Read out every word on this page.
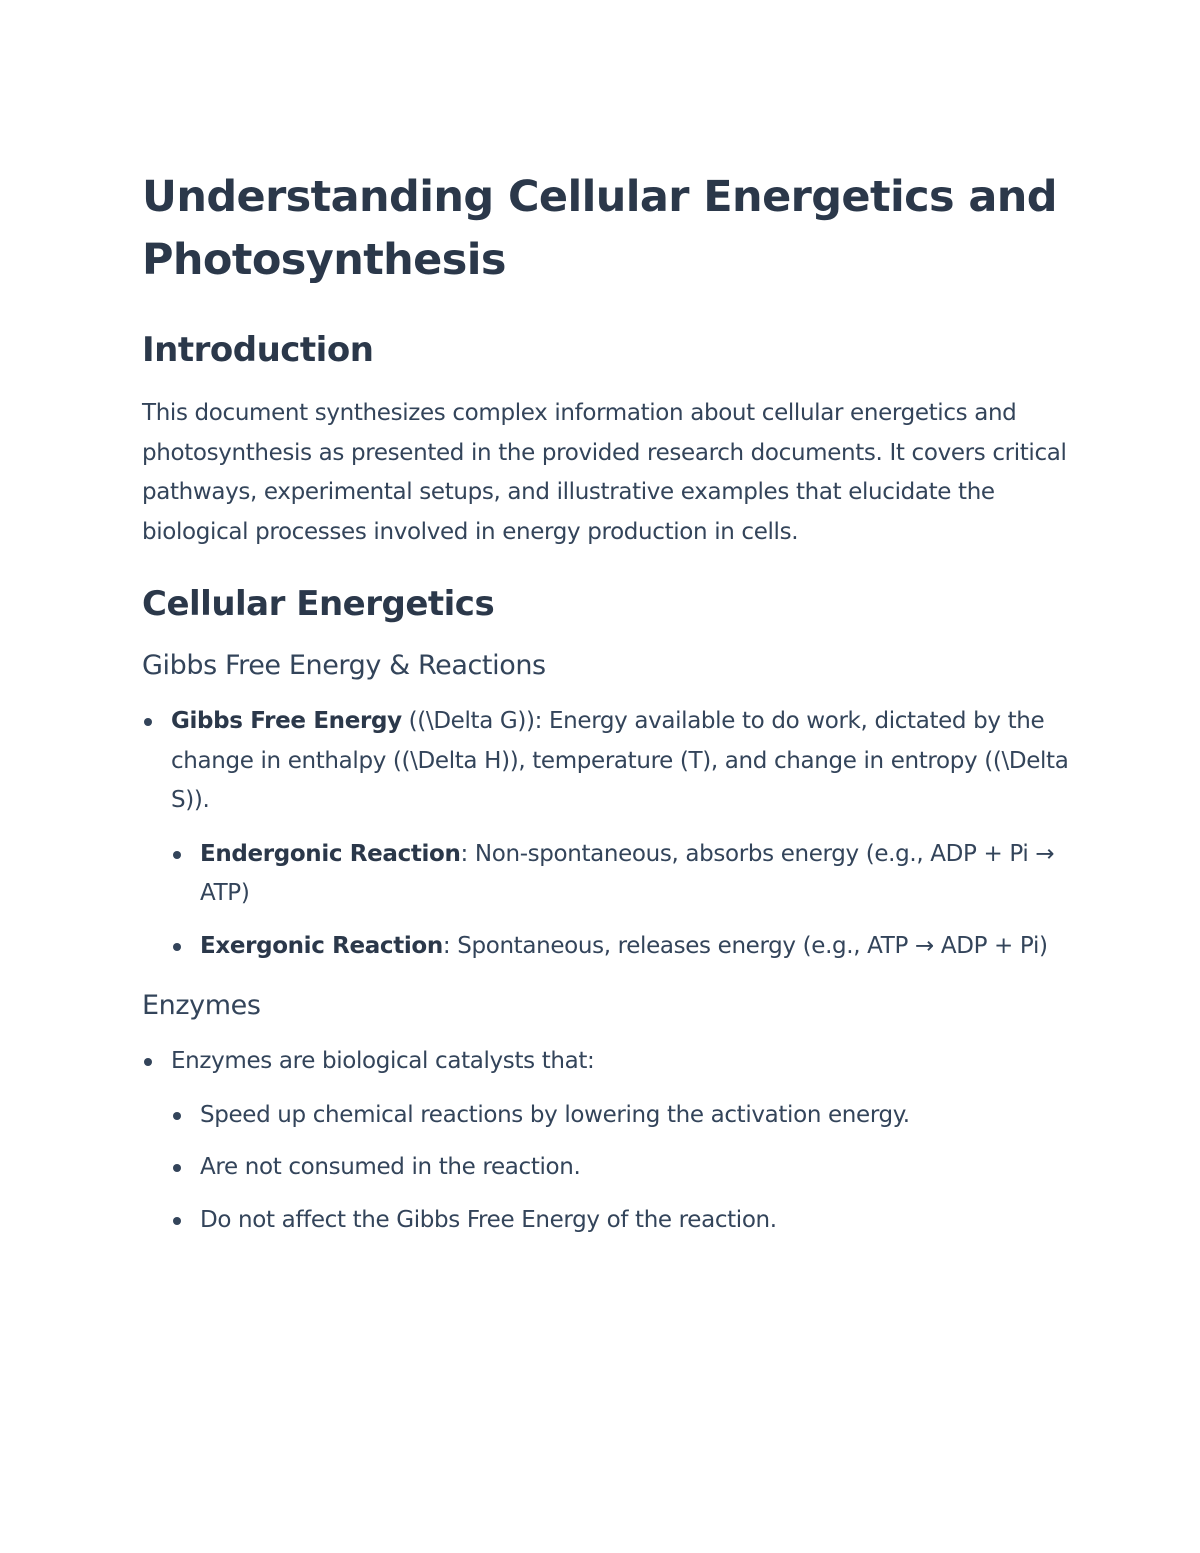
Understanding Cellular Energetics and Photosynthesis
Introduction

This document synthesizes complex information about cellular energetics and photosynthesis as presented in the provided research documents. It covers critical pathways, experimental setups, and illustrative examples that elucidate the biological processes involved in energy production in cells.

Cellular Energetics
Gibbs Free Energy & Reactions
Gibbs Free Energy ((\Delta G)): Energy available to do work, dictated by the change in enthalpy ((\Delta H)), temperature (T), and change in entropy ((\Delta S)).
Endergonic Reaction: Non-spontaneous, absorbs energy (e.g., ADP + Pi → ATP)
Exergonic Reaction: Spontaneous, releases energy (e.g., ATP → ADP + Pi)
Enzymes
Enzymes are biological catalysts that:
Speed up chemical reactions by lowering the activation energy.
Are not consumed in the reaction.
Do not affect the Gibbs Free Energy of the reaction.
